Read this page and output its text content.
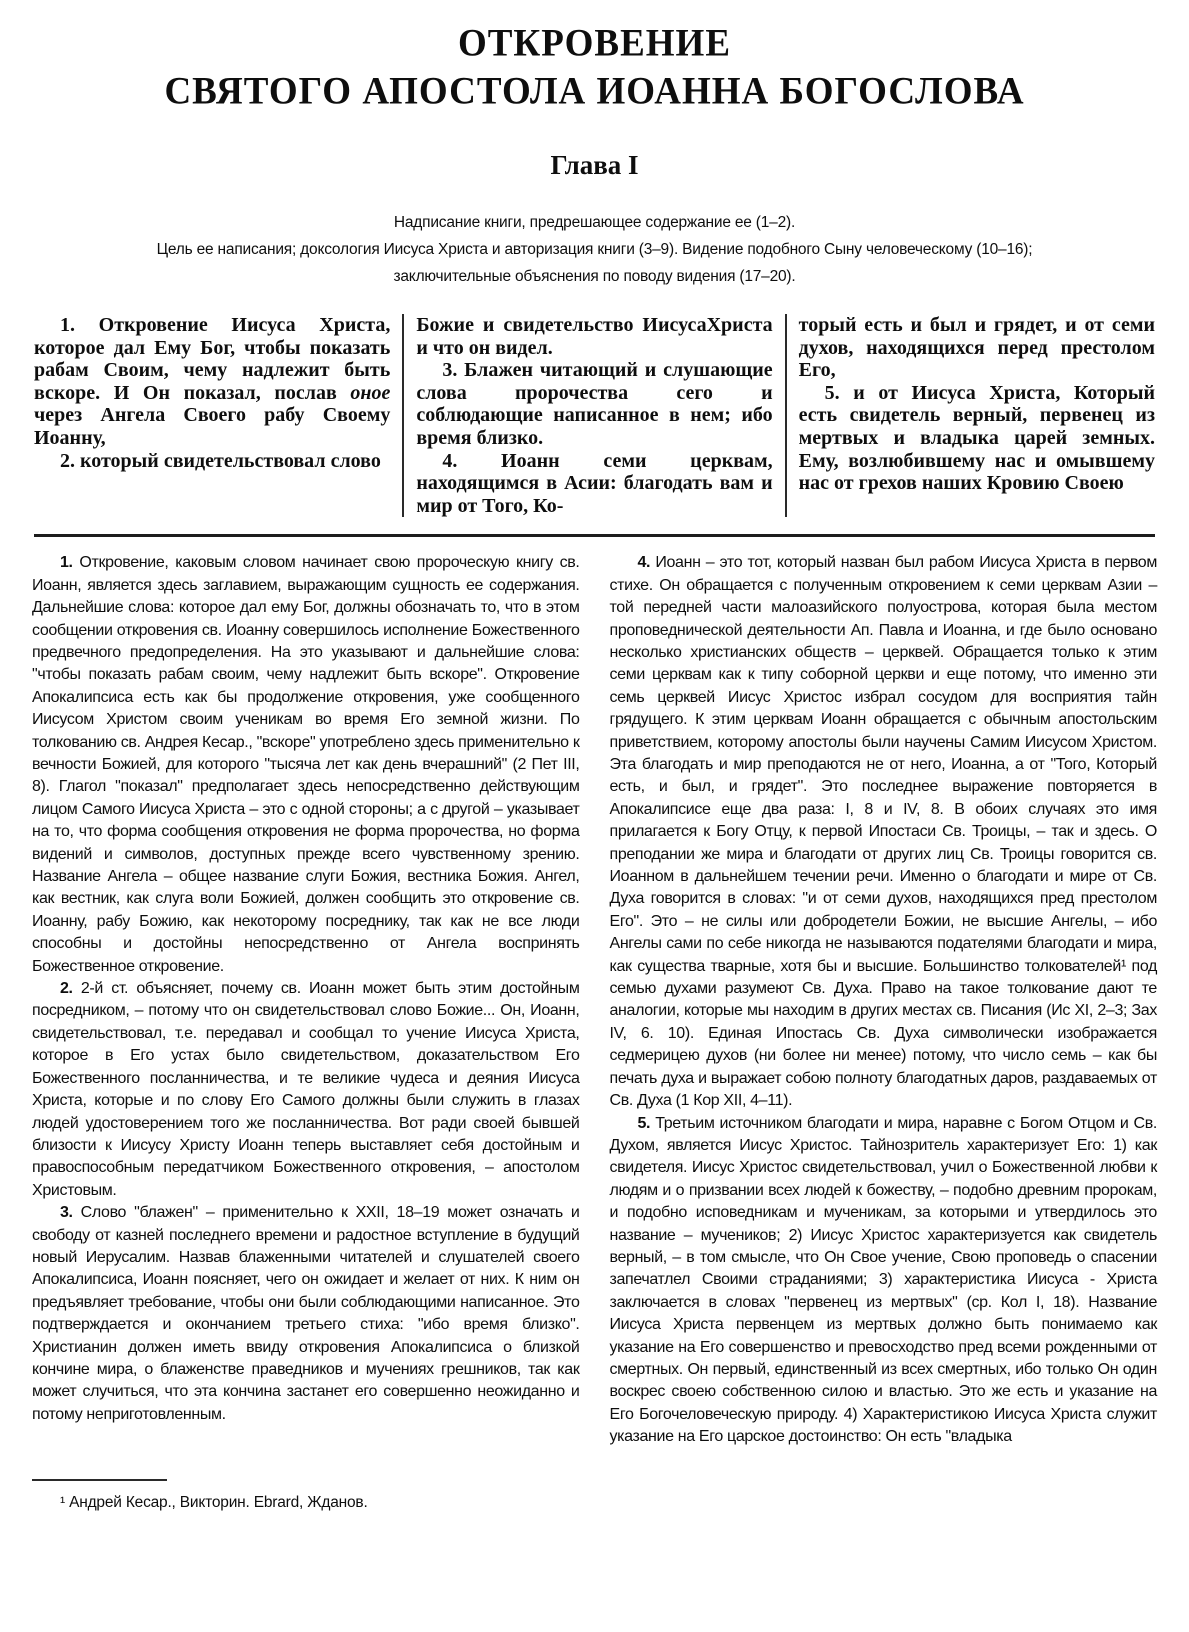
ОТКРОВЕНИЕ
СВЯТОГО АПОСТОЛА ИОАННА БОГОСЛОВА
Глава I
Надписание книги, предрешающее содержание ее (1–2).
Цель ее написания; доксология Иисуса Христа и авторизация книги (3–9). Видение подобного Сыну человеческому (10–16);
заключительные объяснения по поводу видения (17–20).

1. Откровение Иисуса Христа, которое дал Ему Бог, чтобы показать рабам Своим, чему надлежит быть вскоре. И Он показал, послав оное через Ангела Своего рабу Своему Иоанну,

2. который свидетельствовал слово

Божие и свидетельство ИисусаХриста и что он видел.

3. Блажен читающий и слушающие слова пророчества сего и соблюдающие написанное в нем; ибо время близко.

4. Иоанн семи церквам, находящимся в Асии: благодать вам и мир от Того, Ко-

торый есть и был и грядет, и от семи духов, находящихся перед престолом Его,

5. и от Иисуса Христа, Который есть свидетель верный, первенец из мертвых и владыка царей земных. Ему, возлюбившему нас и омывшему нас от грехов наших Кровию Своею

1. Откровение, каковым словом начинает свою пророческую книгу св. Иоанн, является здесь заглавием, выражающим сущность ее содержания. Дальнейшие слова: которое дал ему Бог, должны обозначать то, что в этом сообщении откровения св. Иоанну совершилось исполнение Божественного предвечного предопределения. На это указывают и дальнейшие слова: "чтобы показать рабам своим, чему надлежит быть вскоре". Откровение Апокалипсиса есть как бы продолжение откровения, уже сообщенного Иисусом Христом своим ученикам во время Его земной жизни. По толкованию св. Андрея Кесар., "вскоре" употреблено здесь применительно к вечности Божией, для которого "тысяча лет как день вчерашний" (2 Пет III, 8). Глагол "показал" предполагает здесь непосредственно действующим лицом Самого Иисуса Христа – это с одной стороны; а с другой – указывает на то, что форма сообщения откровения не форма пророчества, но форма видений и символов, доступных прежде всего чувственному зрению. Название Ангела – общее название слуги Божия, вестника Божия. Ангел, как вестник, как слуга воли Божией, должен сообщить это откровение св. Иоанну, рабу Божию, как некоторому посреднику, так как не все люди способны и достойны непосредственно от Ангела воспринять Божественное откровение.

2. 2-й ст. объясняет, почему св. Иоанн может быть этим достойным посредником, – потому что он свидетельствовал слово Божие... Он, Иоанн, свидетельствовал, т.е. передавал и сообщал то учение Иисуса Христа, которое в Его устах было свидетельством, доказательством Его Божественного посланничества, и те великие чудеса и деяния Иисуса Христа, которые и по слову Его Самого должны были служить в глазах людей удостоверением того же посланничества. Вот ради своей бывшей близости к Иисусу Христу Иоанн теперь выставляет себя достойным и правоспособным передатчиком Божественного откровения, – апостолом Христовым.

3. Слово "блажен" – применительно к XXII, 18–19 может означать и свободу от казней последнего времени и радостное вступление в будущий новый Иерусалим. Назвав блаженными читателей и слушателей своего Апокалипсиса, Иоанн поясняет, чего он ожидает и желает от них. К ним он предъявляет требование, чтобы они были соблюдающими написанное. Это подтверждается и окончанием третьего стиха: "ибо время близко". Христианин должен иметь ввиду откровения Апокалипсиса о близкой кончине мира, о блаженстве праведников и мучениях грешников, так как может случиться, что эта кончина застанет его совершенно неожиданно и потому неприготовленным.

4. Иоанн – это тот, который назван был рабом Иисуса Христа в первом стихе. Он обращается с полученным откровением к семи церквам Азии – той передней части малоазийского полуострова, которая была местом проповеднической деятельности Ап. Павла и Иоанна, и где было основано несколько христианских обществ – церквей. Обращается только к этим семи церквам как к типу соборной церкви и еще потому, что именно эти семь церквей Иисус Христос избрал сосудом для восприятия тайн грядущего. К этим церквам Иоанн обращается с обычным апостольским приветствием, которому апостолы были научены Самим Иисусом Христом. Эта благодать и мир преподаются не от него, Иоанна, а от "Того, Который есть, и был, и грядет". Это последнее выражение повторяется в Апокалипсисе еще два раза: I, 8 и IV, 8. В обоих случаях это имя прилагается к Богу Отцу, к первой Ипостаси Св. Троицы, – так и здесь. О преподании же мира и благодати от других лиц Св. Троицы говорится св. Иоанном в дальнейшем течении речи. Именно о благодати и мире от Св. Духа говорится в словах: "и от семи духов, находящихся пред престолом Его". Это – не силы или добродетели Божии, не высшие Ангелы, – ибо Ангелы сами по себе никогда не называются подателями благодати и мира, как существа тварные, хотя бы и высшие. Большинство толкователей¹ под семью духами разумеют Св. Духа. Право на такое толкование дают те аналогии, которые мы находим в других местах св. Писания (Ис XI, 2–3; Зах IV, 6. 10). Единая Ипостась Св. Духа символически изображается седмерицею духов (ни более ни менее) потому, что число семь – как бы печать духа и выражает собою полноту благодатных даров, раздаваемых от Св. Духа (1 Кор XII, 4–11).

5. Третьим источником благодати и мира, наравне с Богом Отцом и Св. Духом, является Иисус Христос. Тайнозритель характеризует Его: 1) как свидетеля. Иисус Христос свидетельствовал, учил о Божественной любви к людям и о призвании всех людей к божеству, – подобно древним пророкам, и подобно исповедникам и мученикам, за которыми и утвердилось это название – мучеников; 2) Иисус Христос характеризуется как свидетель верный, – в том смысле, что Он Свое учение, Свою проповедь о спасении запечатлел Своими страданиями; 3) характеристика Иисуса - Христа заключается в словах "первенец из мертвых" (ср. Кол I, 18). Название Иисуса Христа первенцем из мертвых должно быть понимаемо как указание на Его совершенство и превосходство пред всеми рожденными от смертных. Он первый, единственный из всех смертных, ибо только Он один воскрес своею собственною силою и властью. Это же есть и указание на Его Богочеловеческую природу. 4) Характеристикою Иисуса Христа служит указание на Его царское достоинство: Он есть "владыка

¹ Андрей Кесар., Викторин. Ebrard, Жданов.
